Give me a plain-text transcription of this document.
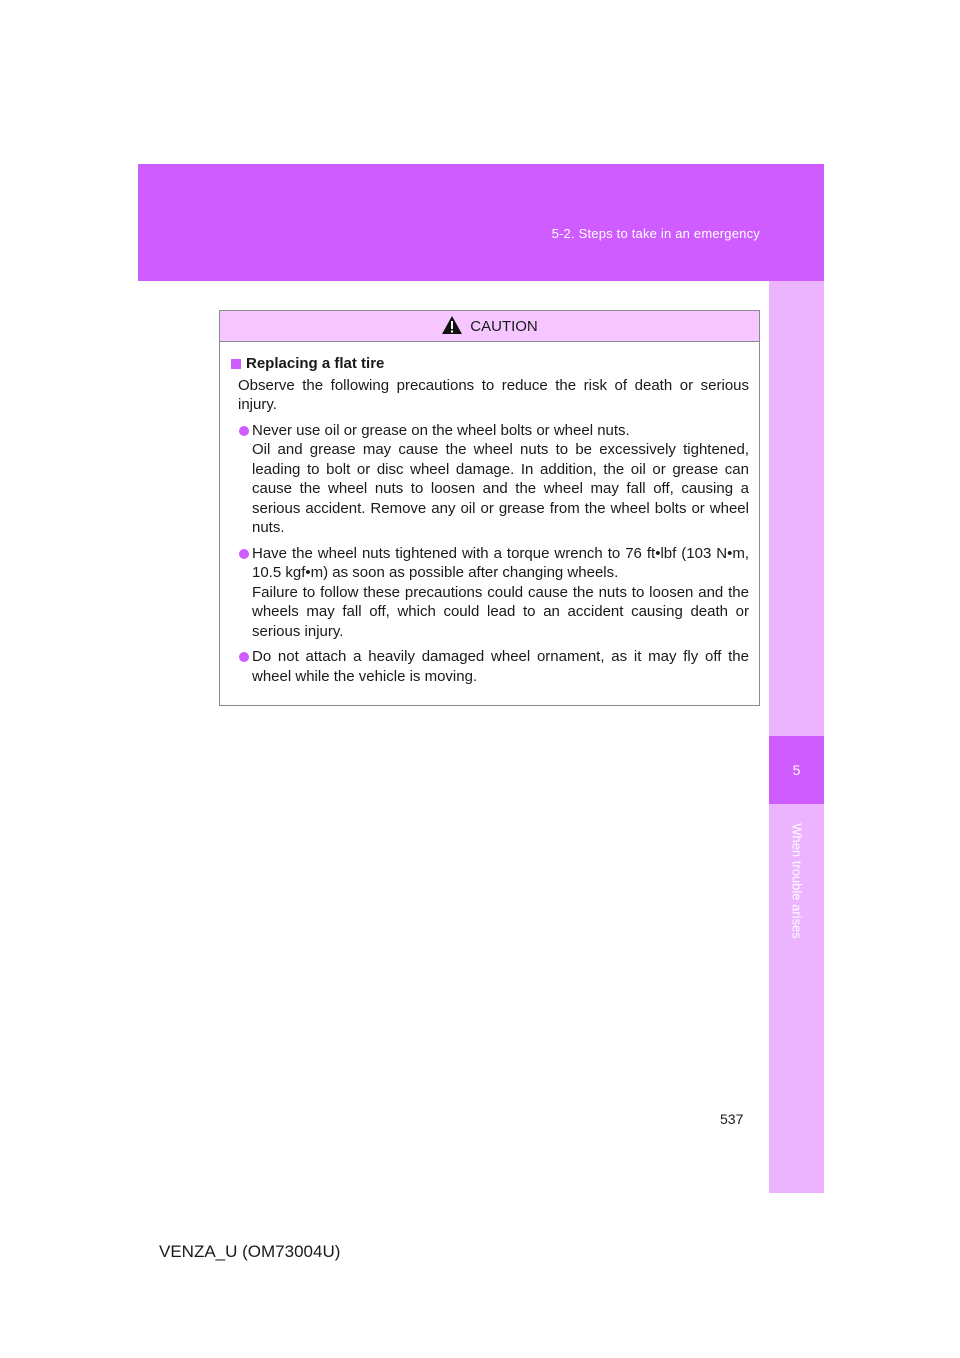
5-2. Steps to take in an emergency
5
When trouble arises
CAUTION
Replacing a flat tire
Observe the following precautions to reduce the risk of death or serious injury.
Never use oil or grease on the wheel bolts or wheel nuts.
Oil and grease may cause the wheel nuts to be excessively tightened, leading to bolt or disc wheel damage. In addition, the oil or grease can cause the wheel nuts to loosen and the wheel may fall off, causing a serious accident. Remove any oil or grease from the wheel bolts or wheel nuts.
Have the wheel nuts tightened with a torque wrench to 76 ft•lbf (103 N•m, 10.5 kgf•m) as soon as possible after changing wheels.
Failure to follow these precautions could cause the nuts to loosen and the wheels may fall off, which could lead to an accident causing death or serious injury.
Do not attach a heavily damaged wheel ornament, as it may fly off the wheel while the vehicle is moving.
537
VENZA_U (OM73004U)
